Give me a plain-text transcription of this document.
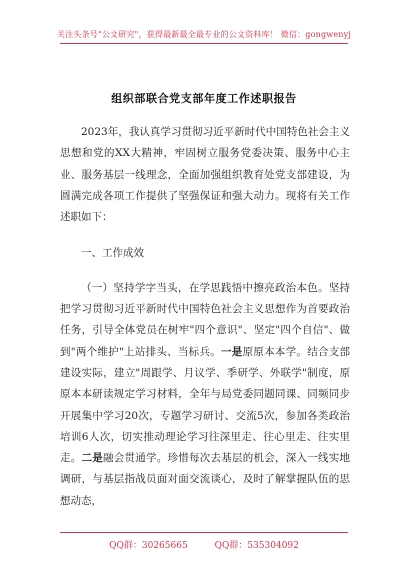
关注头条号"公文研究"，获得最新最全最专业的公文资料库！ 微信：gongwenyj
组织部联合党支部年度工作述职报告

2023年，我认真学习贯彻习近平新时代中国特色社会主义思想和党的XX大精神，牢固树立服务党委决策、服务中心主业、服务基层一线理念，全面加强组织教育处党支部建设，为圆满完成各项工作提供了坚强保证和强大动力。现将有关工作述职如下：

一、工作成效

（一）坚持学字当头，在学思践悟中擦亮政治本色。坚持把学习贯彻习近平新时代中国特色社会主义思想作为首要政治任务，引导全体党员在树牢"四个意识"、坚定"四个自信"、做到"两个维护"上站排头、当标兵。一是原原本本学。结合支部建设实际，建立"周跟学、月议学、季研学、外联学"制度，原原本本研读规定学习材料，全年与局党委同题同课、同频同步开展集中学习20次，专题学习研讨、交流5次，参加各类政治培训6人次，切实推动理论学习往深里走、往心里走、往实里走。二是融会贯通学。珍惜每次去基层的机会，深入一线实地调研，与基层指战员面对面交流谈心，及时了解掌握队伍的思想动态，

QQ群：30265665	QQ群：535304092
